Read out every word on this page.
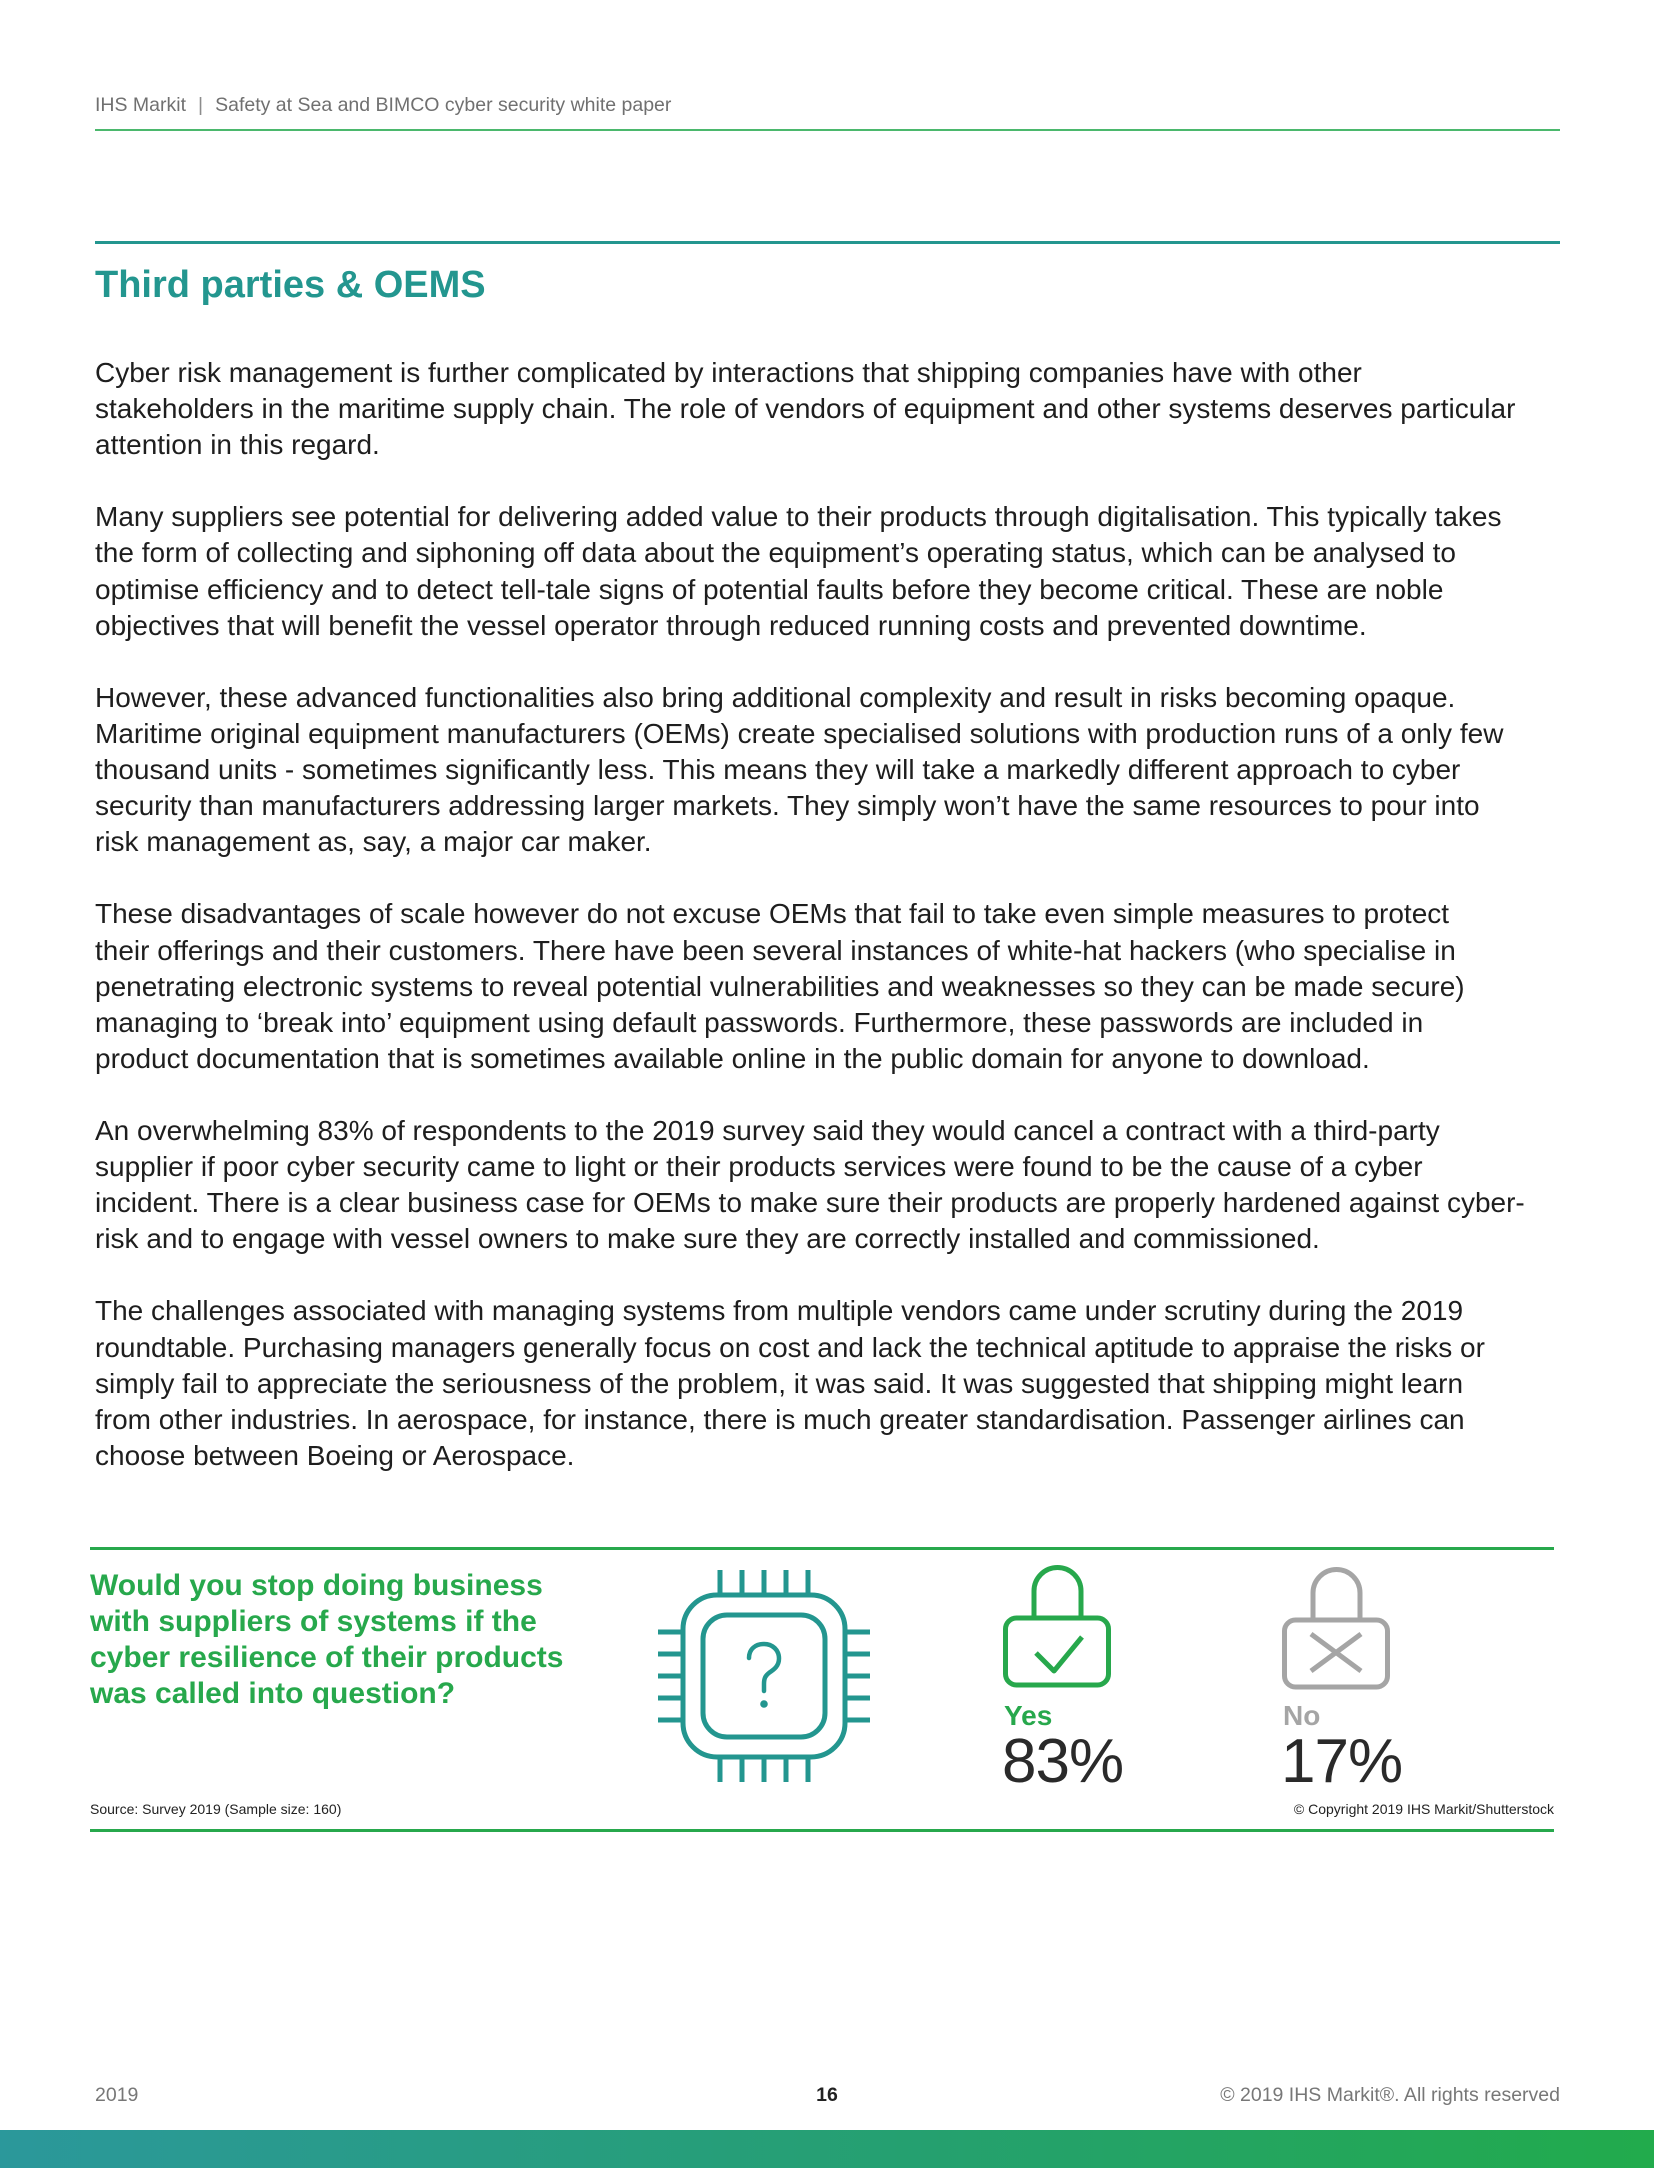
IHS Markit | Safety at Sea and BIMCO cyber security white paper
Third parties & OEMS

Cyber risk management is further complicated by interactions that shipping companies have with other
stakeholders in the maritime supply chain. The role of vendors of equipment and other systems deserves particular
attention in this regard.

Many suppliers see potential for delivering added value to their products through digitalisation. This typically takes
the form of collecting and siphoning off data about the equipment’s operating status, which can be analysed to
optimise efficiency and to detect tell-tale signs of potential faults before they become critical. These are noble
objectives that will benefit the vessel operator through reduced running costs and prevented downtime.

However, these advanced functionalities also bring additional complexity and result in risks becoming opaque.
Maritime original equipment manufacturers (OEMs) create specialised solutions with production runs of a only few
thousand units - sometimes significantly less. This means they will take a markedly different approach to cyber
security than manufacturers addressing larger markets. They simply won’t have the same resources to pour into
risk management as, say, a major car maker.

These disadvantages of scale however do not excuse OEMs that fail to take even simple measures to protect
their offerings and their customers. There have been several instances of white-hat hackers (who specialise in
penetrating electronic systems to reveal potential vulnerabilities and weaknesses so they can be made secure)
managing to ‘break into’ equipment using default passwords. Furthermore, these passwords are included in
product documentation that is sometimes available online in the public domain for anyone to download.

An overwhelming 83% of respondents to the 2019 survey said they would cancel a contract with a third-party
supplier if poor cyber security came to light or their products services were found to be the cause of a cyber
incident. There is a clear business case for OEMs to make sure their products are properly hardened against cyber-
risk and to engage with vessel owners to make sure they are correctly installed and commissioned.

The challenges associated with managing systems from multiple vendors came under scrutiny during the 2019
roundtable. Purchasing managers generally focus on cost and lack the technical aptitude to appraise the risks or
simply fail to appreciate the seriousness of the problem, it was said. It was suggested that shipping might learn
from other industries. In aerospace, for instance, there is much greater standardisation. Passenger airlines can
choose between Boeing or Aerospace.

Would you stop doing business
with suppliers of systems if the
cyber resilience of their products
was called into question?
Yes
83%
No
17%
Source: Survey 2019 (Sample size: 160)	© Copyright 2019 IHS Markit/Shutterstock
2019	16	© 2019 IHS Markit®. All rights reserved
